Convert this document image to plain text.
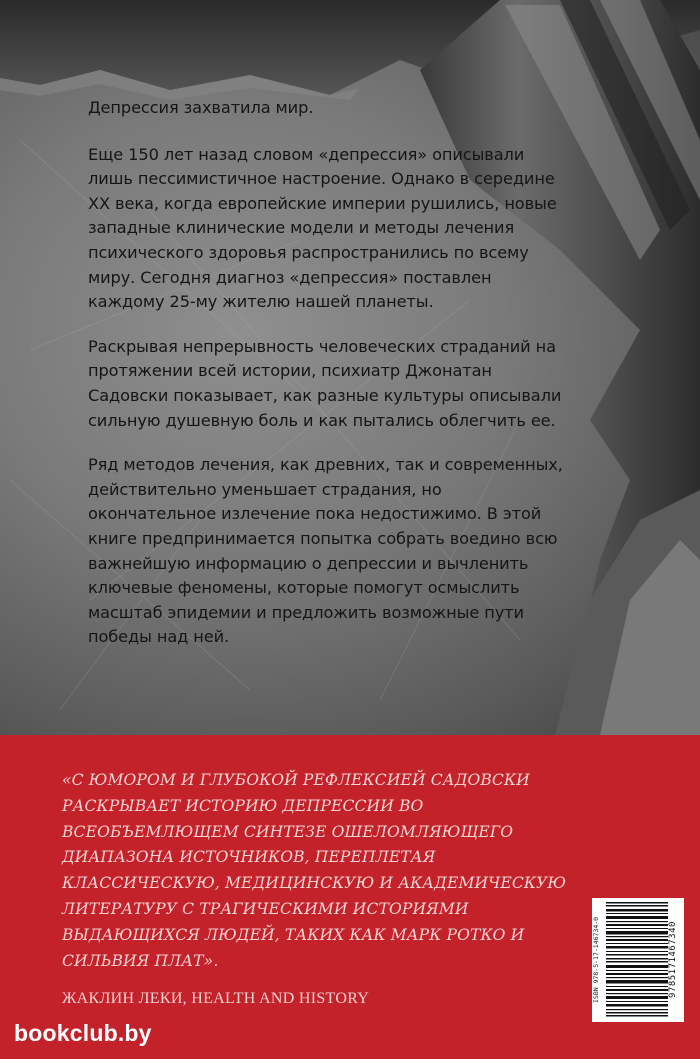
Депрессия захватила мир.

Еще 150 лет назад словом «депрессия» описывали лишь пессимистичное настроение. Однако в середине XX века, когда европейские империи рушились, новые западные клинические модели и методы лечения психического здоровья распространились по всему миру. Сегодня диагноз «депрессия» поставлен каждому 25-му жителю нашей планеты.

Раскрывая непрерывность человеческих страданий на протяжении всей истории, психиатр Джонатан Садовски показывает, как разные культуры описывали сильную душевную боль и как пытались облегчить ее.

Ряд методов лечения, как древних, так и современных, действительно уменьшает страдания, но окончательное излечение пока недостижимо. В этой книге предпринимается попытка собрать воедино всю важнейшую информацию о депрессии и вычленить ключевые феномены, которые помогут осмыслить масштаб эпидемии и предложить возможные пути победы над ней.

«С ЮМОРОМ И ГЛУБОКОЙ РЕФЛЕКСИЕЙ САДОВСКИ РАСКРЫВАЕТ ИСТОРИЮ ДЕПРЕССИИ ВО ВСЕОБЪЕМЛЮЩЕМ СИНТЕЗЕ ОШЕЛОМЛЯЮЩЕГО ДИАПАЗОНА ИСТОЧНИКОВ, ПЕРЕПЛЕТАЯ КЛАССИЧЕСКУЮ, МЕДИЦИНСКУЮ И АКАДЕМИЧЕСКУЮ ЛИТЕРАТУРУ С ТРАГИЧЕСКИМИ ИСТОРИЯМИ ВЫДАЮЩИХСЯ ЛЮДЕЙ, ТАКИХ КАК МАРК РОТКО И СИЛЬВИЯ ПЛАТ».
ЖАКЛИН ЛЕКИ, HEALTH AND HISTORY	ISBN 978-5-17-146734-0	9785171467340
bookclub.by
